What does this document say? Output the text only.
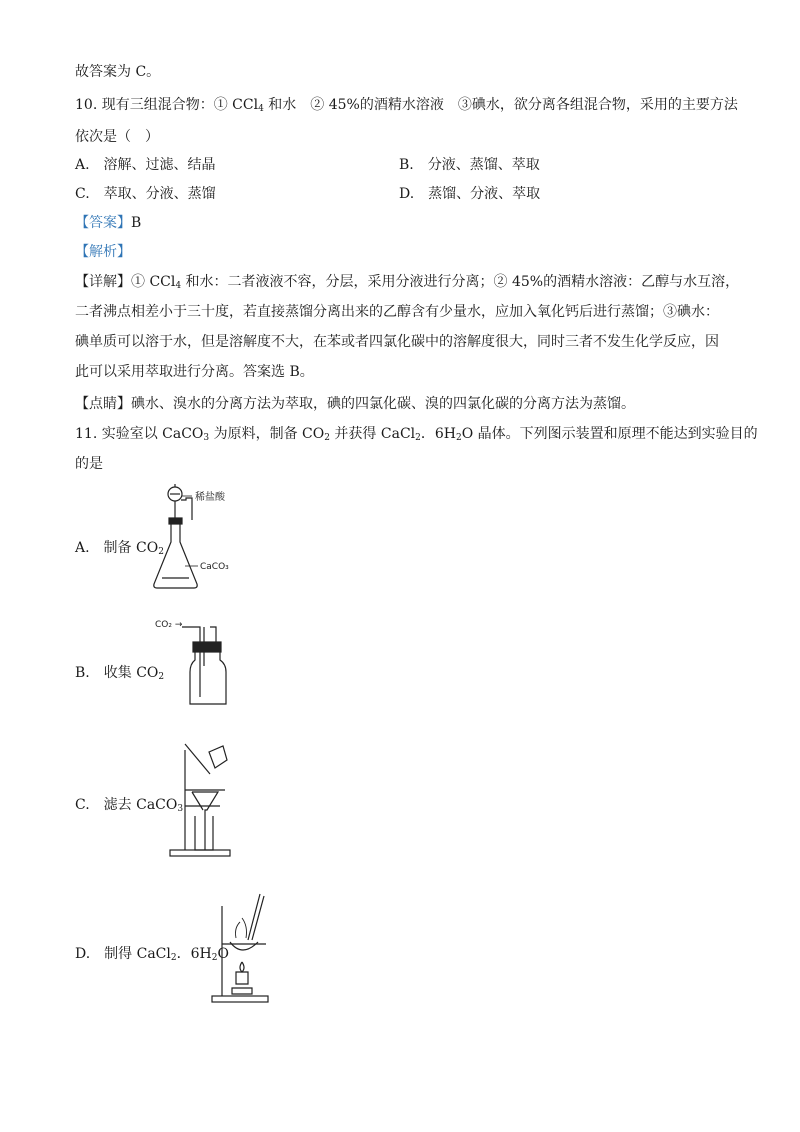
故答案为 C。
10. 现有三组混合物：① CCl$_4$ 和水　② 45%的酒精水溶液　③碘水，欲分离各组混合物，采用的主要方法
依次是（　）
A.　溶解、过滤、结晶	B.　分液、蒸馏、萃取
C.　萃取、分液、蒸馏	D.　蒸馏、分液、萃取
【答案】B
【解析】
【详解】① CCl$_4$ 和水：二者液液不容，分层，采用分液进行分离；② 45%的酒精水溶液：乙醇与水互溶，
二者沸点相差小于三十度，若直接蒸馏分离出来的乙醇含有少量水，应加入氧化钙后进行蒸馏；③碘水：
碘单质可以溶于水，但是溶解度不大，在苯或者四氯化碳中的溶解度很大，同时三者不发生化学反应，因
此可以采用萃取进行分离。答案选 B。
【点睛】碘水、溴水的分离方法为萃取，碘的四氯化碳、溴的四氯化碳的分离方法为蒸馏。
11. 实验室以 CaCO$_3$ 为原料，制备 $CO_2$ 并获得 CaCl$_2$．$6H_2O$ 晶体。下列图示装置和原理不能达到实验目的
的是
A.　制备 $CO_2$
稀盐酸
CaCO₃
B.　收集 $CO_2$
CO₂ →
C.　滤去 CaCO$_3$
D.　制得 CaCl$_2$．$6H_2O$
